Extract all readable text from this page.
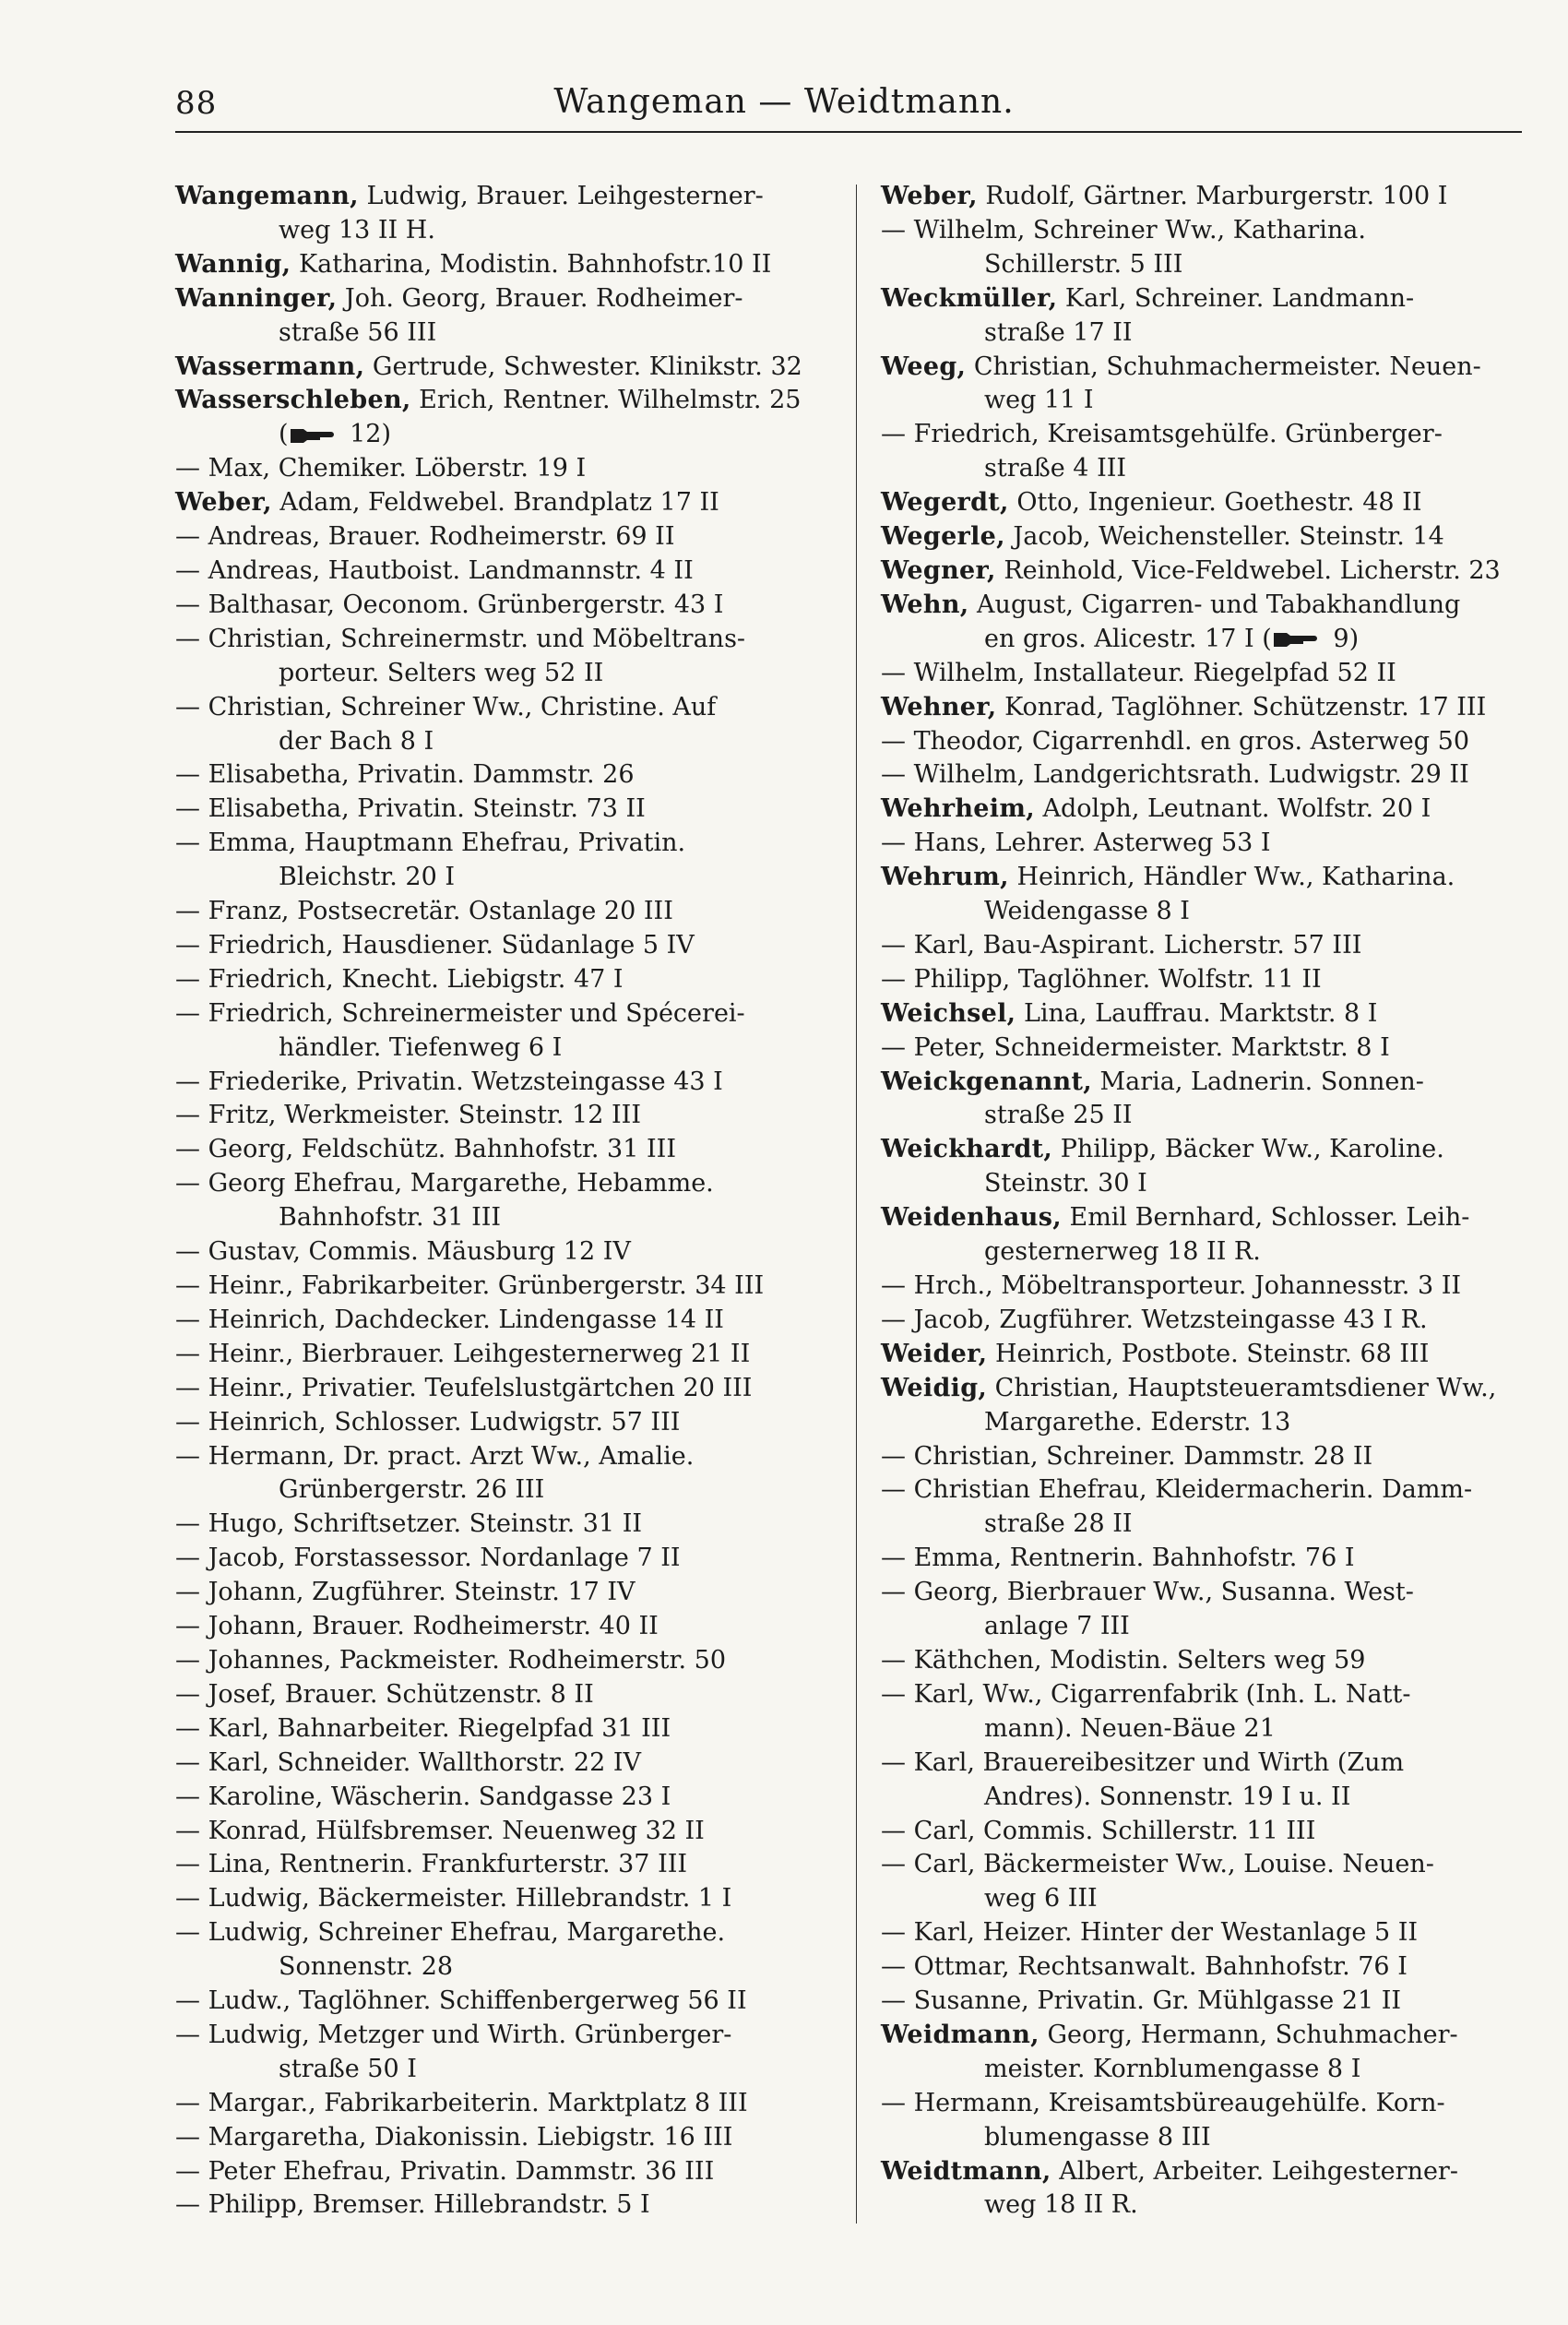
88	Wangeman — Weidtmann.
Wangemann, Ludwig, Brauer. Leihgesterner-
weg 13 II H.
Wannig, Katharina, Modistin. Bahnhofstr.10 II
Wanninger, Joh. Georg, Brauer. Rodheimer-
straße 56 III
Wassermann, Gertrude, Schwester. Klinikstr. 32
Wasserschleben, Erich, Rentner. Wilhelmstr. 25
( 12)
— Max, Chemiker. Löberstr. 19 I
Weber, Adam, Feldwebel. Brandplatz 17 II
— Andreas, Brauer. Rodheimerstr. 69 II
— Andreas, Hautboist. Landmannstr. 4 II
— Balthasar, Oeconom. Grünbergerstr. 43 I
— Christian, Schreinermstr. und Möbeltrans-
porteur. Selters weg 52 II
— Christian, Schreiner Ww., Christine. Auf
der Bach 8 I
— Elisabetha, Privatin. Dammstr. 26
— Elisabetha, Privatin. Steinstr. 73 II
— Emma, Hauptmann Ehefrau, Privatin.
Bleichstr. 20 I
— Franz, Postsecretär. Ostanlage 20 III
— Friedrich, Hausdiener. Südanlage 5 IV
— Friedrich, Knecht. Liebigstr. 47 I
— Friedrich, Schreinermeister und Spécerei-
händler. Tiefenweg 6 I
— Friederike, Privatin. Wetzsteingasse 43 I
— Fritz, Werkmeister. Steinstr. 12 III
— Georg, Feldschütz. Bahnhofstr. 31 III
— Georg Ehefrau, Margarethe, Hebamme.
Bahnhofstr. 31 III
— Gustav, Commis. Mäusburg 12 IV
— Heinr., Fabrikarbeiter. Grünbergerstr. 34 III
— Heinrich, Dachdecker. Lindengasse 14 II
— Heinr., Bierbrauer. Leihgesternerweg 21 II
— Heinr., Privatier. Teufelslustgärtchen 20 III
— Heinrich, Schlosser. Ludwigstr. 57 III
— Hermann, Dr. pract. Arzt Ww., Amalie.
Grünbergerstr. 26 III
— Hugo, Schriftsetzer. Steinstr. 31 II
— Jacob, Forstassessor. Nordanlage 7 II
— Johann, Zugführer. Steinstr. 17 IV
— Johann, Brauer. Rodheimerstr. 40 II
— Johannes, Packmeister. Rodheimerstr. 50
— Josef, Brauer. Schützenstr. 8 II
— Karl, Bahnarbeiter. Riegelpfad 31 III
— Karl, Schneider. Wallthorstr. 22 IV
— Karoline, Wäscherin. Sandgasse 23 I
— Konrad, Hülfsbremser. Neuenweg 32 II
— Lina, Rentnerin. Frankfurterstr. 37 III
— Ludwig, Bäckermeister. Hillebrandstr. 1 I
— Ludwig, Schreiner Ehefrau, Margarethe.
Sonnenstr. 28
— Ludw., Taglöhner. Schiffenbergerweg 56 II
— Ludwig, Metzger und Wirth. Grünberger-
straße 50 I
— Margar., Fabrikarbeiterin. Marktplatz 8 III
— Margaretha, Diakonissin. Liebigstr. 16 III
— Peter Ehefrau, Privatin. Dammstr. 36 III
— Philipp, Bremser. Hillebrandstr. 5 I
Weber, Rudolf, Gärtner. Marburgerstr. 100 I
— Wilhelm, Schreiner Ww., Katharina.
Schillerstr. 5 III
Weckmüller, Karl, Schreiner. Landmann-
straße 17 II
Weeg, Christian, Schuhmachermeister. Neuen-
weg 11 I
— Friedrich, Kreisamtsgehülfe. Grünberger-
straße 4 III
Wegerdt, Otto, Ingenieur. Goethestr. 48 II
Wegerle, Jacob, Weichensteller. Steinstr. 14
Wegner, Reinhold, Vice-Feldwebel. Licherstr. 23
Wehn, August, Cigarren- und Tabakhandlung
en gros. Alicestr. 17 I ( 9)
— Wilhelm, Installateur. Riegelpfad 52 II
Wehner, Konrad, Taglöhner. Schützenstr. 17 III
— Theodor, Cigarrenhdl. en gros. Asterweg 50
— Wilhelm, Landgerichtsrath. Ludwigstr. 29 II
Wehrheim, Adolph, Leutnant. Wolfstr. 20 I
— Hans, Lehrer. Asterweg 53 I
Wehrum, Heinrich, Händler Ww., Katharina.
Weidengasse 8 I
— Karl, Bau-Aspirant. Licherstr. 57 III
— Philipp, Taglöhner. Wolfstr. 11 II
Weichsel, Lina, Lauffrau. Marktstr. 8 I
— Peter, Schneidermeister. Marktstr. 8 I
Weickgenannt, Maria, Ladnerin. Sonnen-
straße 25 II
Weickhardt, Philipp, Bäcker Ww., Karoline.
Steinstr. 30 I
Weidenhaus, Emil Bernhard, Schlosser. Leih-
gesternerweg 18 II R.
— Hrch., Möbeltransporteur. Johannesstr. 3 II
— Jacob, Zugführer. Wetzsteingasse 43 I R.
Weider, Heinrich, Postbote. Steinstr. 68 III
Weidig, Christian, Hauptsteueramtsdiener Ww.,
Margarethe. Ederstr. 13
— Christian, Schreiner. Dammstr. 28 II
— Christian Ehefrau, Kleidermacherin. Damm-
straße 28 II
— Emma, Rentnerin. Bahnhofstr. 76 I
— Georg, Bierbrauer Ww., Susanna. West-
anlage 7 III
— Käthchen, Modistin. Selters weg 59
— Karl, Ww., Cigarrenfabrik (Inh. L. Natt-
mann). Neuen-Bäue 21
— Karl, Brauereibesitzer und Wirth (Zum
Andres). Sonnenstr. 19 I u. II
— Carl, Commis. Schillerstr. 11 III
— Carl, Bäckermeister Ww., Louise. Neuen-
weg 6 III
— Karl, Heizer. Hinter der Westanlage 5 II
— Ottmar, Rechtsanwalt. Bahnhofstr. 76 I
— Susanne, Privatin. Gr. Mühlgasse 21 II
Weidmann, Georg, Hermann, Schuhmacher-
meister. Kornblumengasse 8 I
— Hermann, Kreisamtsbüreaugehülfe. Korn-
blumengasse 8 III
Weidtmann, Albert, Arbeiter. Leihgesterner-
weg 18 II R.
